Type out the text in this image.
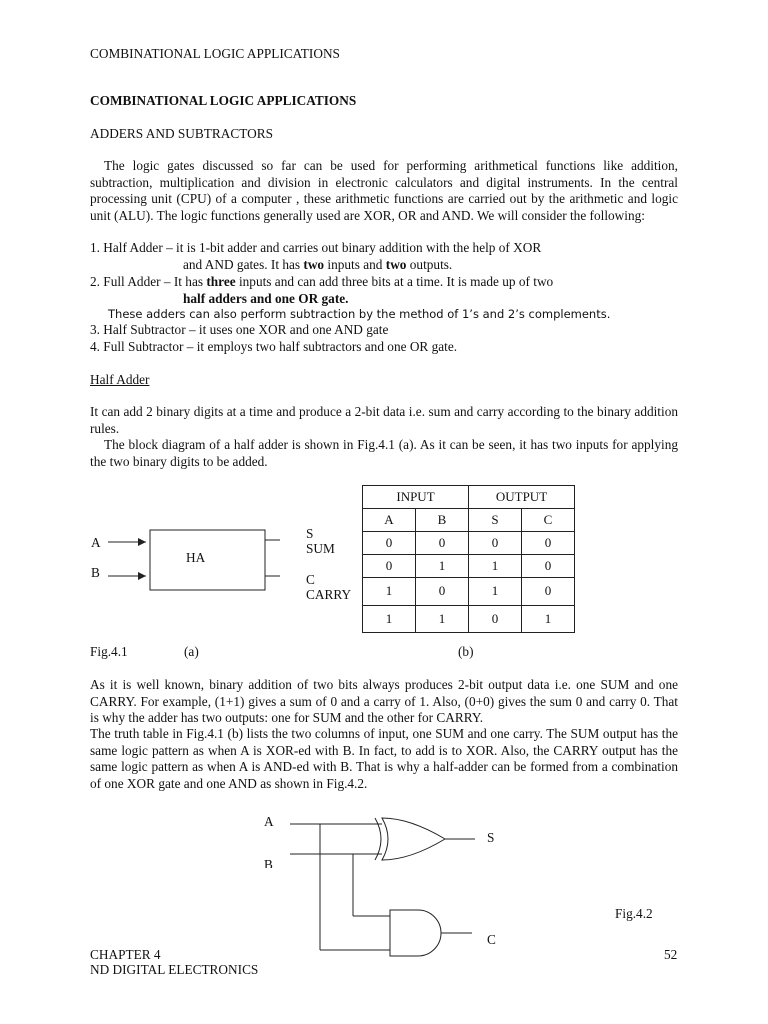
COMBINATIONAL LOGIC APPLICATIONS
COMBINATIONAL LOGIC APPLICATIONS
ADDERS AND SUBTRACTORS
The logic gates discussed so far can be used for performing arithmetical functions like addition, subtraction, multiplication and division in electronic calculators and digital instruments. In the central processing unit (CPU) of a computer , these arithmetic functions are carried out by the arithmetic and logic unit (ALU). The logic functions generally used are XOR, OR and AND. We will consider the following:
1. Half Adder – it is 1-bit adder and carries out binary addition with the help of XOR
and AND gates. It has two inputs and two outputs.
2. Full Adder – It has three inputs and can add three bits at a time. It is made up of two
half adders and one OR gate.
These adders can also perform subtraction by the method of 1’s and 2’s complements.
3. Half Subtractor – it uses one XOR and one AND gate
4. Full Subtractor – it employs two half subtractors and one OR gate.
Half Adder
It can add 2 binary digits at a time and produce a 2-bit data i.e. sum and carry according to the binary addition rules.
The block diagram of a half adder is shown in Fig.4.1 (a). As it can be seen, it has two inputs for applying the two binary digits to be added.
A
B
HA
S
SUM
C
CARRY
INPUT		OUTPUT	
A	B	S	C
0	0	0	0
0	1	1	0
1	0	1	0
1	1	0	1
Fig.4.1	(a)	(b)
As it is well known, binary addition of two bits always produces 2-bit output data i.e. one SUM and one CARRY. For example, (1+1) gives a sum of 0 and a carry of 1. Also, (0+0) gives the sum 0 and carry 0. That is why the adder has two outputs: one for SUM and the other for CARRY.
The truth table in Fig.4.1 (b) lists the two columns of input, one SUM and one carry. The SUM output has the same logic pattern as when A is XOR-ed with B. In fact, to add is to XOR. Also, the CARRY output has the same logic pattern as when A is AND-ed with B. That is why a half-adder can be formed from a combination of one XOR gate and one AND as shown in Fig.4.2.
A
B
S
C
Fig.4.2
CHAPTER 4
ND DIGITAL ELECTRONICS
52
